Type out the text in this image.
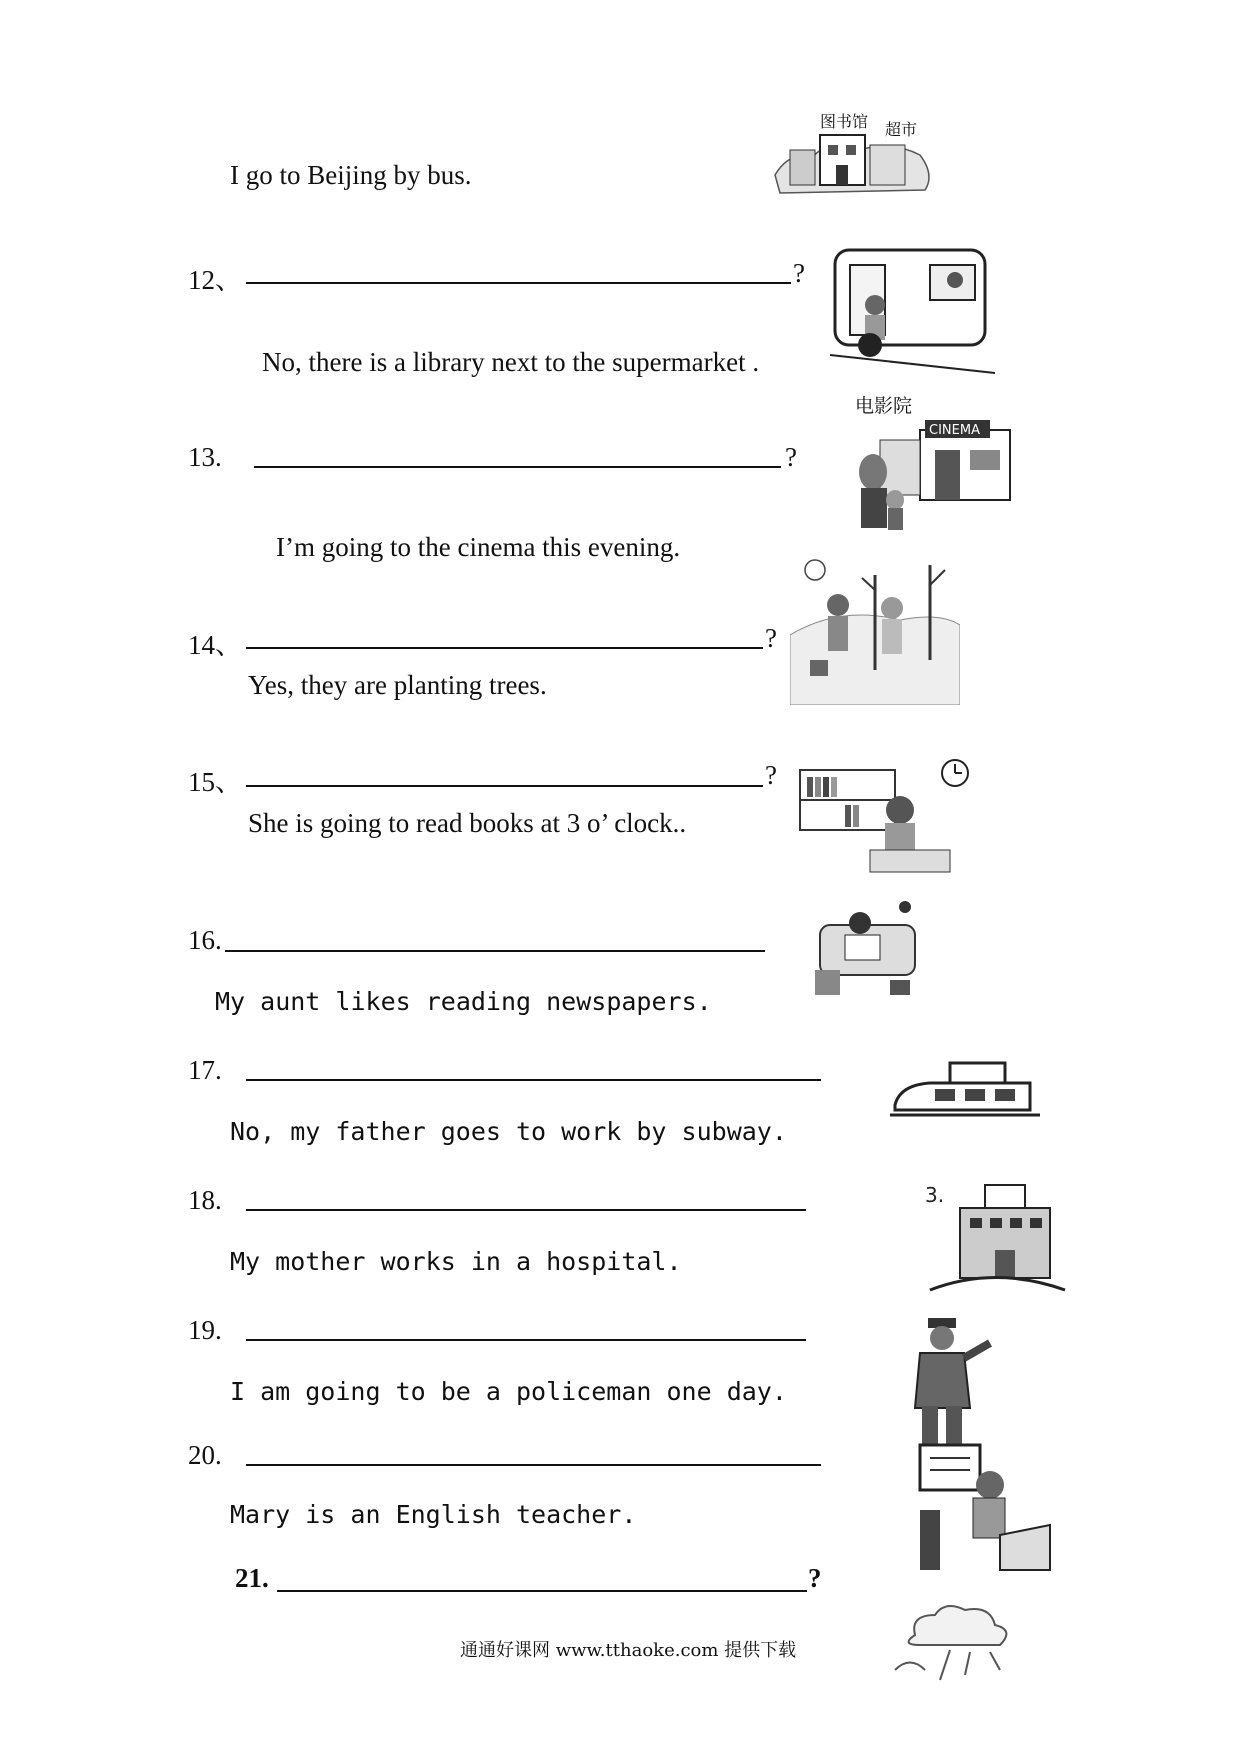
I go to Beijing by bus.
图书馆 超市
12、	?
No, there is a library next to the supermarket .
13.	?
电影院
CINEMA
I’m going to the cinema this evening.
14、	?
Yes, they are planting trees.
15、	?
She is going to read books at 3 o’ clock..
16.
My aunt likes reading newspapers.
17.
No, my father goes to work by subway.
18.	3.
My mother works in a hospital.
19.
I am going to be a policeman one day.
20.
Mary is an English teacher.
21.	?
通通好课网 www.tthaoke.com 提供下载
